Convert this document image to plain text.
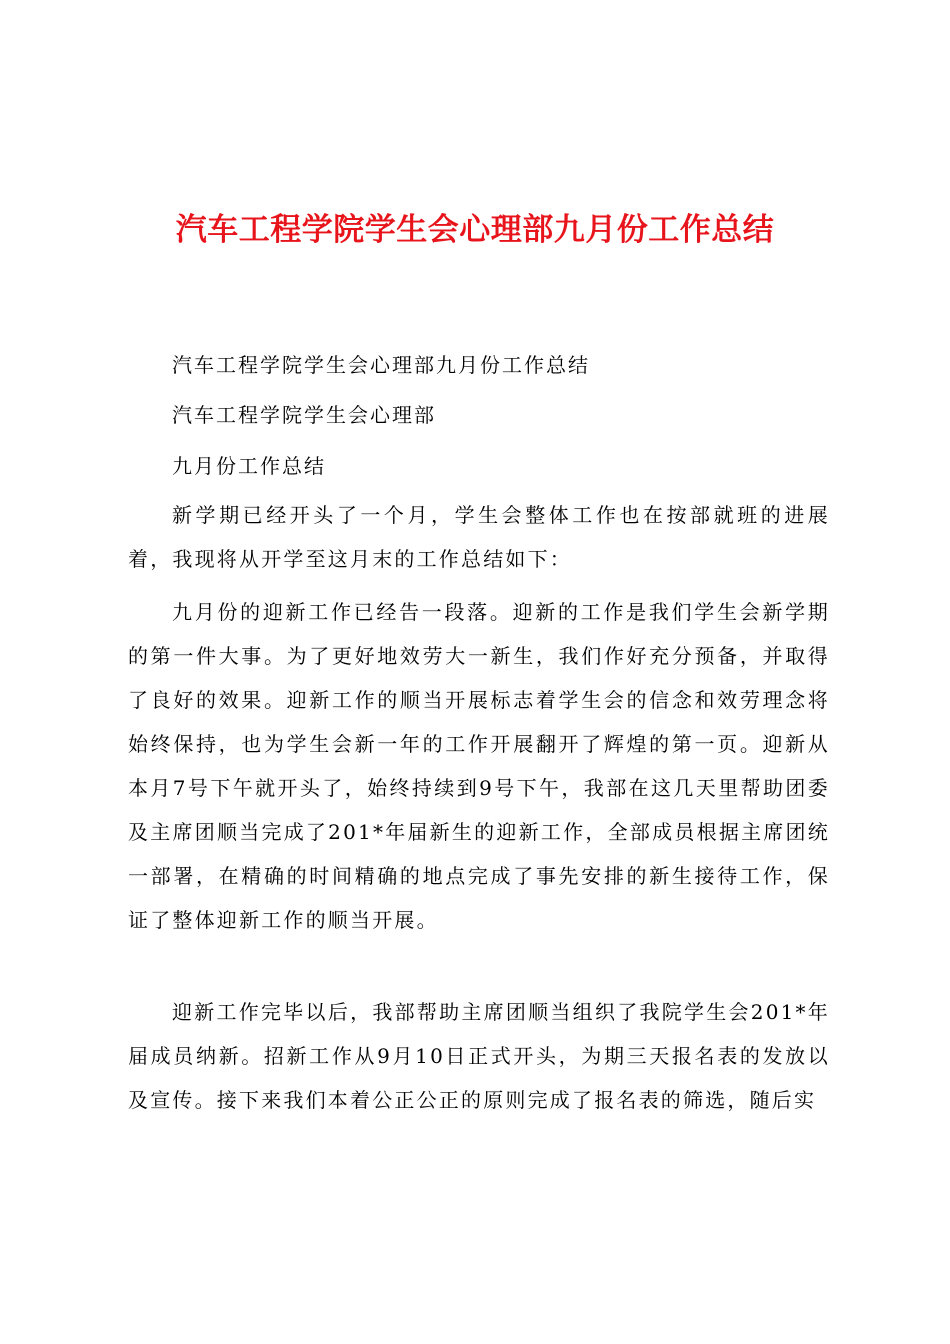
汽车工程学院学生会心理部九月份工作总结
汽车工程学院学生会心理部九月份工作总结
汽车工程学院学生会心理部
九月份工作总结
新学期已经开头了一个月，学生会整体工作也在按部就班的进展着，我现将从开学至这月末的工作总结如下：
九月份的迎新工作已经告一段落。迎新的工作是我们学生会新学期的第一件大事。为了更好地效劳大一新生，我们作好充分预备，并取得了良好的效果。迎新工作的顺当开展标志着学生会的信念和效劳理念将始终保持，也为学生会新一年的工作开展翻开了辉煌的第一页。迎新从本月7号下午就开头了，始终持续到9号下午，我部在这几天里帮助团委及主席团顺当完成了201*年届新生的迎新工作，全部成员根据主席团统一部署，在精确的时间精确的地点完成了事先安排的新生接待工作，保证了整体迎新工作的顺当开展。
迎新工作完毕以后，我部帮助主席团顺当组织了我院学生会201*年届成员纳新。招新工作从9月10日正式开头，为期三天报名表的发放以及宣传。接下来我们本着公正公正的原则完成了报名表的筛选，随后实
